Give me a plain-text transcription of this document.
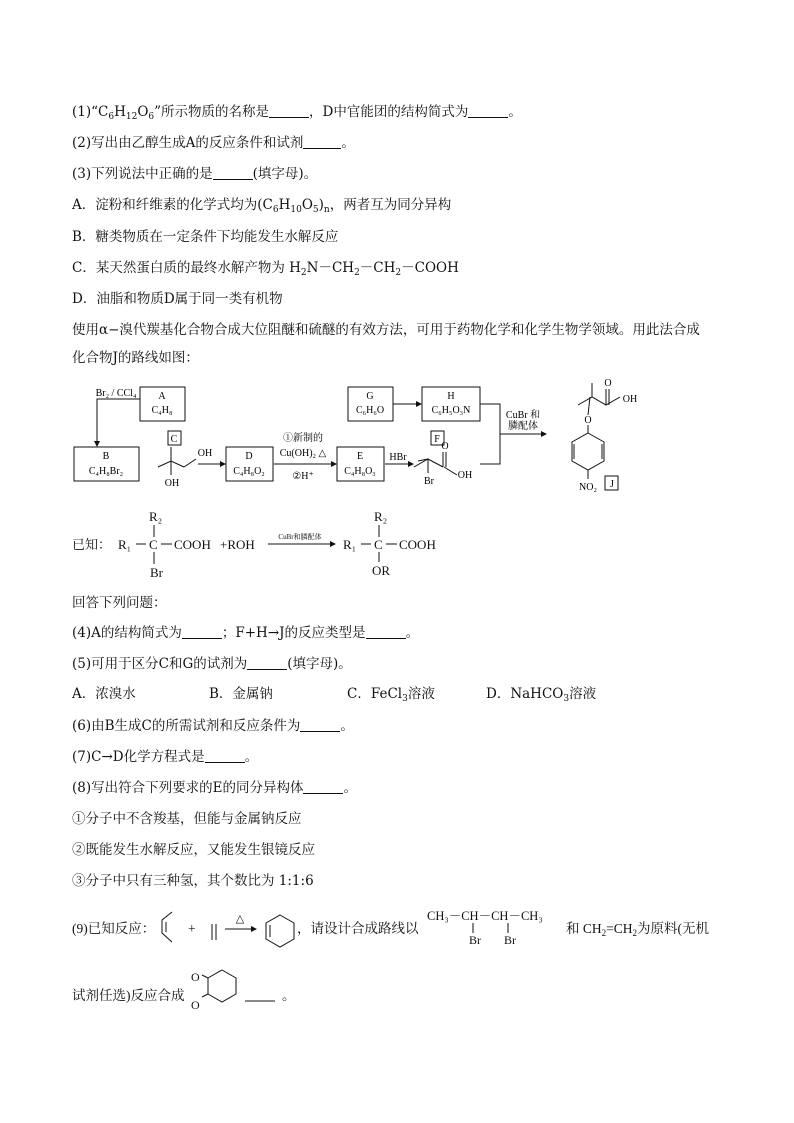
$(1)“C_6H_{12}O_6$”所示物质的名称是	，D中官能团的结构简式为	。
(2)写出由乙醇生成A的反应条件和试剂	。
(3)下列说法中正确的是	(填字母)。
A．淀粉和纤维素的化学式均为$(C_6H_{10}O_5)_n$，两者互为同分异构
B．糖类物质在一定条件下均能发生水解反应
C．某天然蛋白质的最终水解产物为 $H_2N-CH_2-CH_2-COOH$
D．油脂和物质D属于同一类有机物
使用α−溴代羰基化合物合成大位阻醚和硫醚的有效方法，可用于药物化学和化学生物学领域。用此法合成
化合物J的路线如图：
Br₂ / CCl₄ A
C₄H₈
B
C₄H₈Br₂
C
OH
OH
D
C₄H₈O₂
①新制的
Cu(OH)₂ △
②H⁺
E
C₄H₈O₃
HBr
F
O
OH
Br
G
C₆H₆O
H
C₆H₅O₃N	CuBr 和
膦配体
O
OH
O
NO₂ J
已知： R₁ C COOH
R₂
Br
+ROH	R₁ C COOH
R₂
OR
CuBr和膦配体
回答下列问题：
(4)A的结构简式为	；F+H→J的反应类型是	。
(5)可用于区分C和G的试剂为	(填字母)。
A．浓溴水	B．金属钠	C．FeCl$_3$溶液	D．NaHCO$_3$溶液
(6)由B生成C的所需试剂和反应条件为	。
(7)C→D化学方程式是	。
(8)写出符合下列要求的E的同分异构体	。
①分子中不含羧基，但能与金属钠反应
②既能发生水解反应，又能发生银镜反应
③分子中只有三种氢，其个数比为 1:1:6
(9)已知反应： +	，请设计合成路线以
CH₃－CH－CH－CH₃
Br Br
和 $CH_2=CH_2$为原料(无机
试剂任选)反应合成
O
O
。
△
